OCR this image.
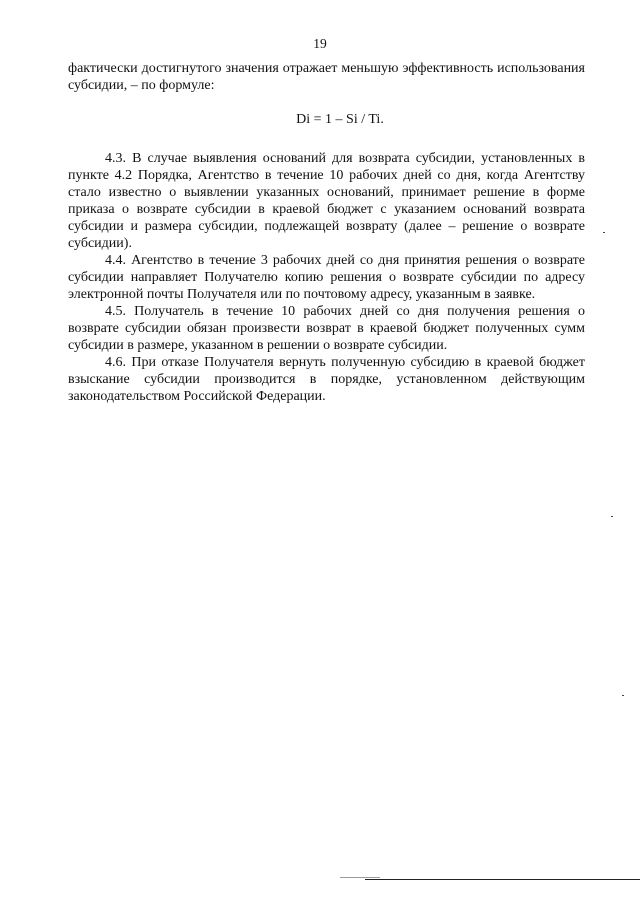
19

фактически достигнутого значения отражает меньшую эффективность использования субсидии, – по формуле:

Di = 1 – Si / Ti.

4.3. В случае выявления оснований для возврата субсидии, установленных в пункте 4.2 Порядка, Агентство в течение 10 рабочих дней со дня, когда Агентству стало известно о выявлении указанных оснований, принимает решение в форме приказа о возврате субсидии в краевой бюджет с указанием оснований возврата субсидии и размера субсидии, подлежащей возврату (далее – решение о возврате субсидии).

4.4. Агентство в течение 3 рабочих дней со дня принятия решения о возврате субсидии направляет Получателю копию решения о возврате субсидии по адресу электронной почты Получателя или по почтовому адресу, указанным в заявке.

4.5. Получатель в течение 10 рабочих дней со дня получения решения о возврате субсидии обязан произвести возврат в краевой бюджет полученных сумм субсидии в размере, указанном в решении о возврате субсидии.

4.6. При отказе Получателя вернуть полученную субсидию в краевой бюджет взыскание субсидии производится в порядке, установленном действующим законодательством Российской Федерации.
